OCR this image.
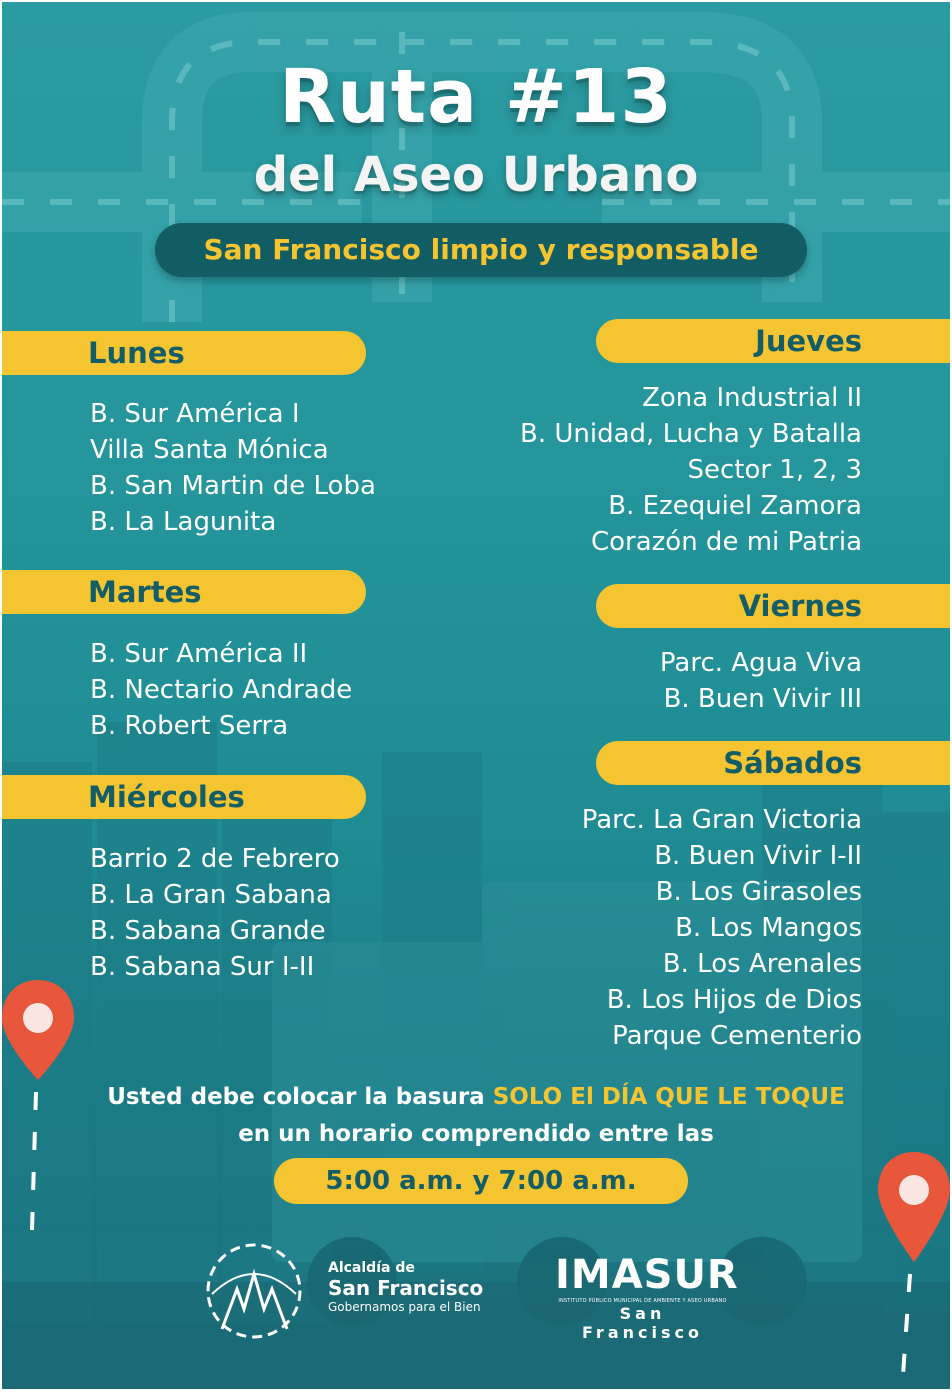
Ruta #13
del Aseo Urbano
San Francisco limpio y responsable
Lunes
B. Sur América I
Villa Santa Mónica
B. San Martin de Loba
B. La Lagunita
Martes
B. Sur América II
B. Nectario Andrade
B. Robert Serra
Miércoles
Barrio 2 de Febrero
B. La Gran Sabana
B. Sabana Grande
B. Sabana Sur I-II
Jueves
Zona Industrial II
B. Unidad, Lucha y Batalla
Sector 1, 2, 3
B. Ezequiel Zamora
Corazón de mi Patria
Viernes
Parc. Agua Viva
B. Buen Vivir III
Sábados
Parc. La Gran Victoria
B. Buen Vivir I-II
B. Los Girasoles
B. Los Mangos
B. Los Arenales
B. Los Hijos de Dios
Parque Cementerio
Usted debe colocar la basura SOLO El DÍA QUE LE TOQUE
en un horario comprendido entre las
5:00 a.m. y 7:00 a.m.
Alcaldía de
San Francisco
Gobernamos para el Bien
IMASUR
INSTITUTO PÚBLICO MUNICIPAL DE AMBIENTE Y ASEO URBANO
San Francisco
